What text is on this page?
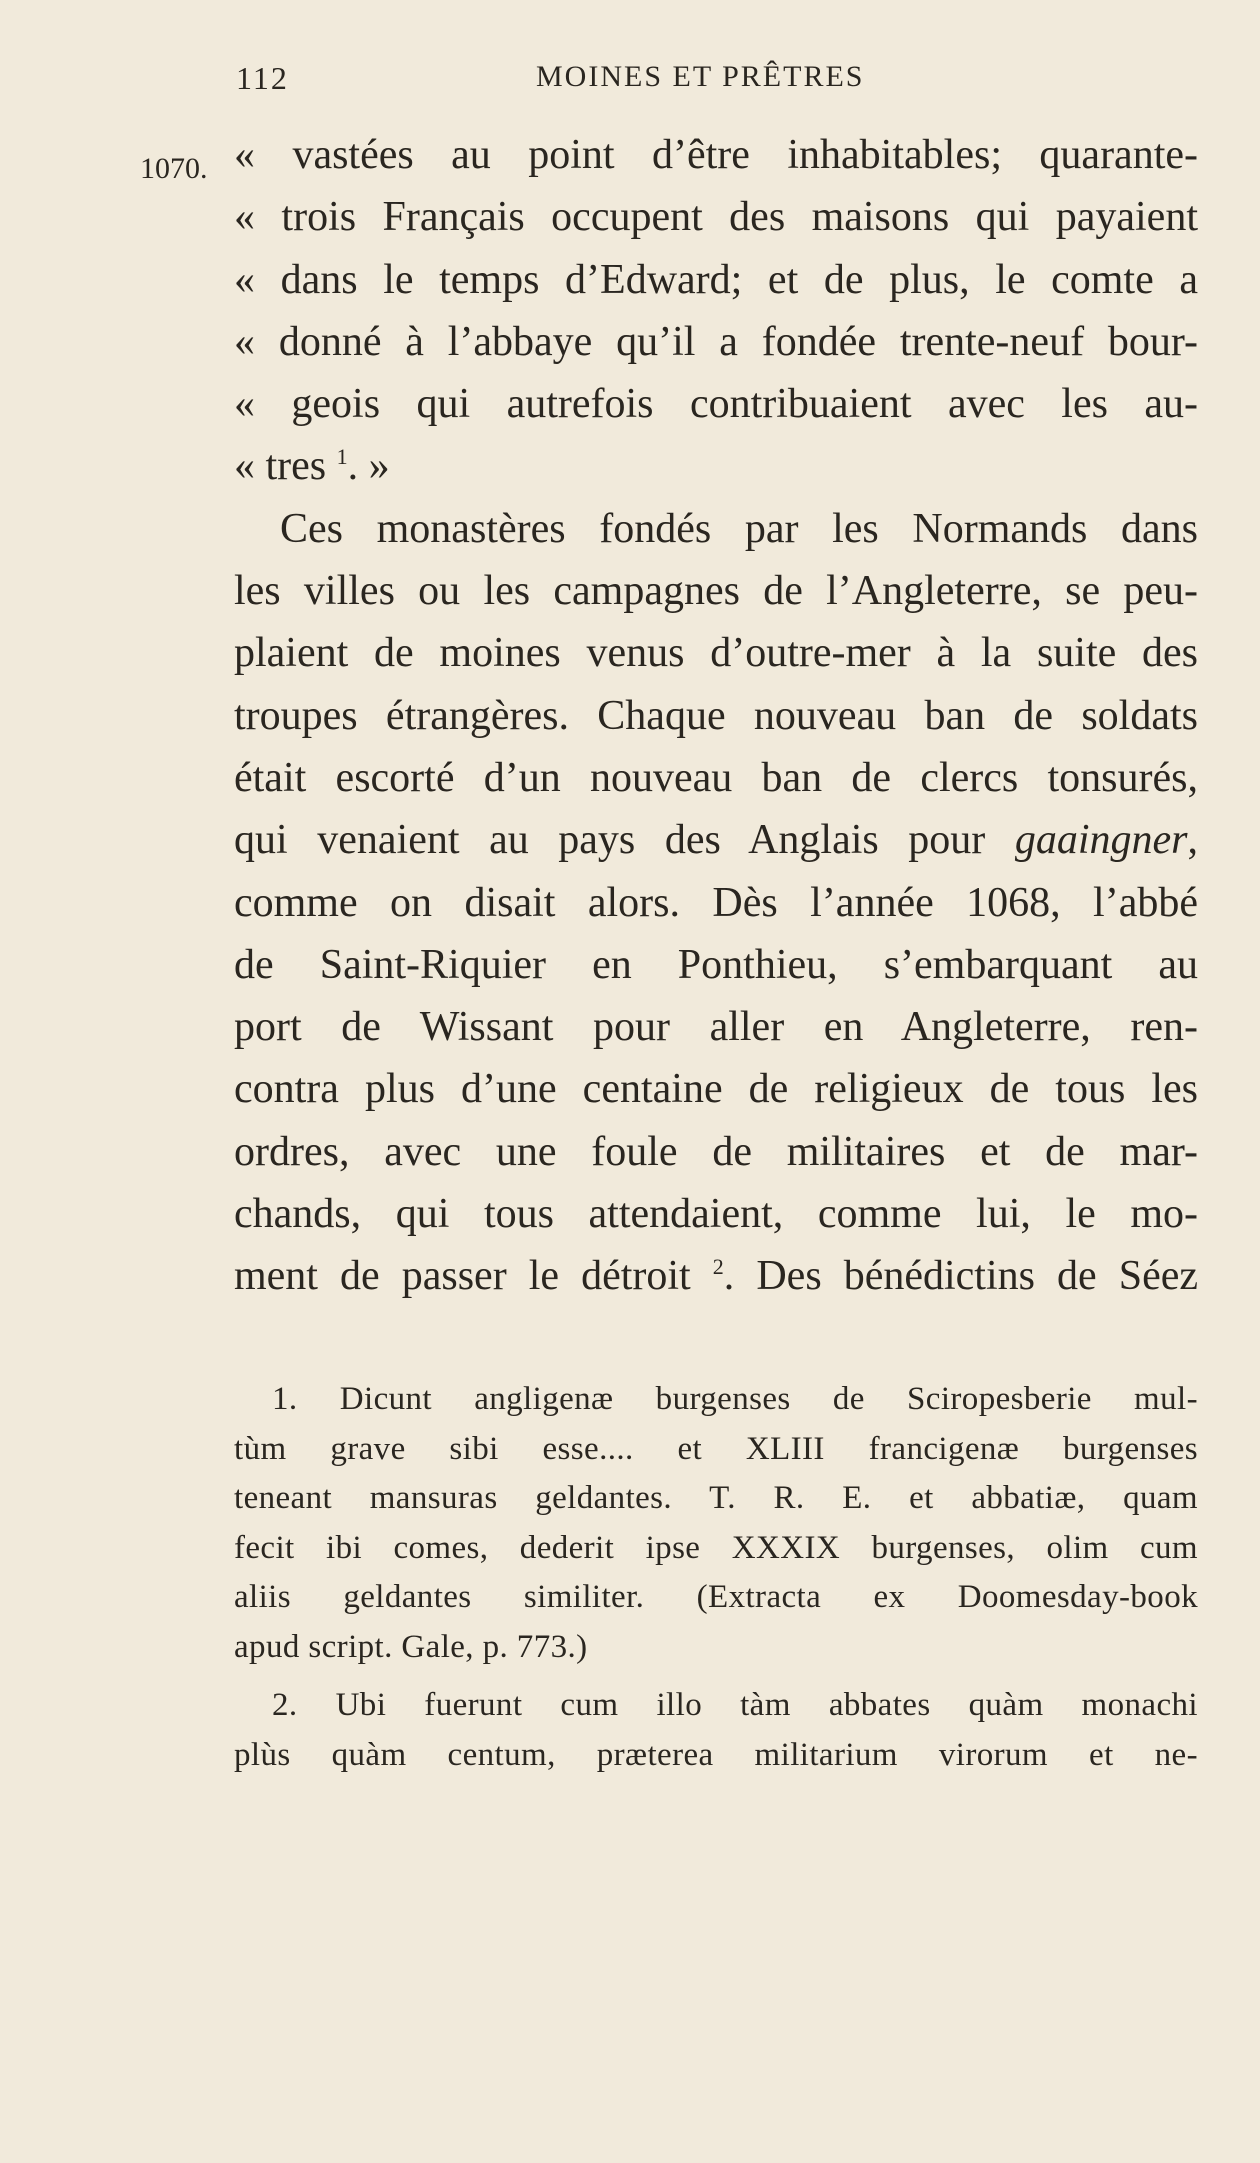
112	MOINES ET PRÊTRES
1070. « vastées au point d’être inhabitables; quarante-
« trois Français occupent des maisons qui payaient
« dans le temps d’Edward; et de plus, le comte a
« donné à l’abbaye qu’il a fondée trente-neuf bour-
« geois qui autrefois contribuaient avec les au-
« tres $^1$. »
Ces monastères fondés par les Normands dans
les villes ou les campagnes de l’Angleterre, se peu-
plaient de moines venus d’outre-mer à la suite des
troupes étrangères. Chaque nouveau ban de soldats
était escorté d’un nouveau ban de clercs tonsurés,
qui venaient au pays des Anglais pour gaaingner,
comme on disait alors. Dès l’année 1068, l’abbé
de Saint-Riquier en Ponthieu, s’embarquant au
port de Wissant pour aller en Angleterre, ren-
contra plus d’une centaine de religieux de tous les
ordres, avec une foule de militaires et de mar-
chands, qui tous attendaient, comme lui, le mo-
ment de passer le détroit $^2$. Des bénédictins de Séez
1. Dicunt angligenæ burgenses de Sciropesberie mul-
tùm grave sibi esse.... et XLIII francigenæ burgenses
teneant mansuras geldantes. T. R. E. et abbatiæ, quam
fecit ibi comes, dederit ipse XXXIX burgenses, olim cum
aliis geldantes similiter. (Extracta ex Doomesday-book
apud script. Gale, p. 773.)
2. Ubi fuerunt cum illo tàm abbates quàm monachi
plùs quàm centum, præterea militarium virorum et ne-
